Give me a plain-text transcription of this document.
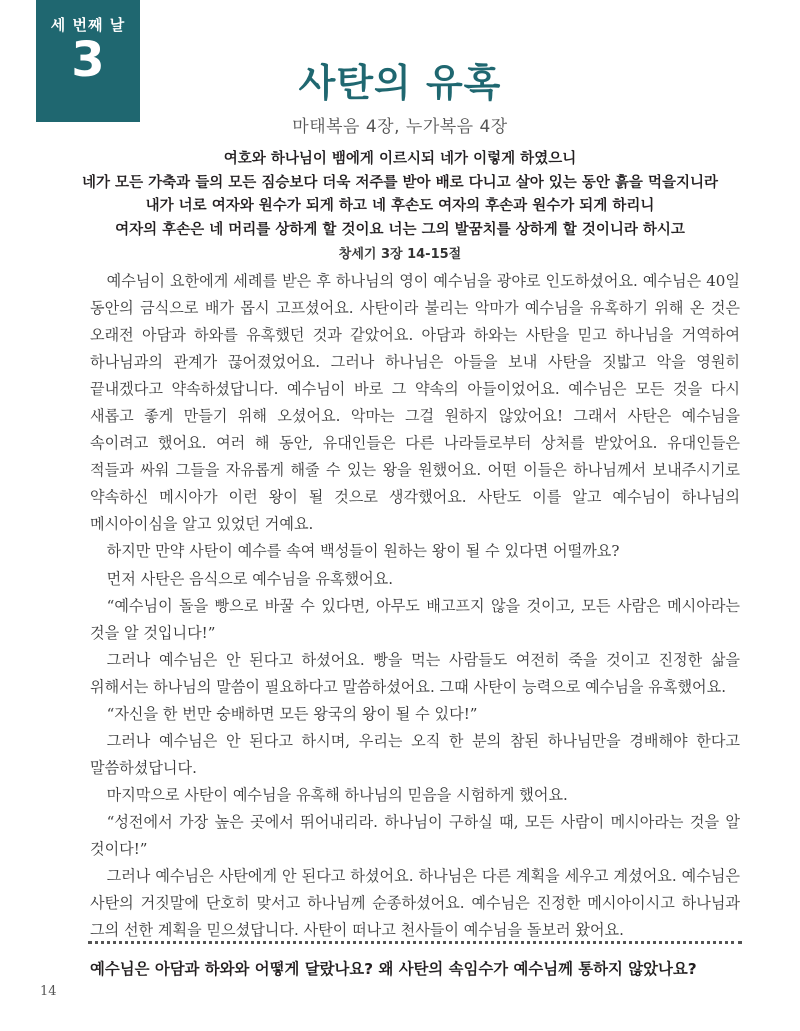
세 번째 날
3	사탄의 유혹
마태복음 4장, 누가복음 4장
여호와 하나님이 뱀에게 이르시되 네가 이렇게 하였으니
네가 모든 가축과 들의 모든 짐승보다 더욱 저주를 받아 배로 다니고 살아 있는 동안 흙을 먹을지니라
내가 너로 여자와 원수가 되게 하고 네 후손도 여자의 후손과 원수가 되게 하리니
여자의 후손은 네 머리를 상하게 할 것이요 너는 그의 발꿈치를 상하게 할 것이니라 하시고
창세기 3장 14-15절

예수님이 요한에게 세례를 받은 후 하나님의 영이 예수님을 광야로 인도하셨어요. 예수님은 40일 동안의 금식으로 배가 몹시 고프셨어요. 사탄이라 불리는 악마가 예수님을 유혹하기 위해 온 것은 오래전 아담과 하와를 유혹했던 것과 같았어요. 아담과 하와는 사탄을 믿고 하나님을 거역하여 하나님과의 관계가 끊어졌었어요. 그러나 하나님은 아들을 보내 사탄을 짓밟고 악을 영원히 끝내겠다고 약속하셨답니다. 예수님이 바로 그 약속의 아들이었어요. 예수님은 모든 것을 다시 새롭고 좋게 만들기 위해 오셨어요. 악마는 그걸 원하지 않았어요! 그래서 사탄은 예수님을 속이려고 했어요. 여러 해 동안, 유대인들은 다른 나라들로부터 상처를 받았어요. 유대인들은 적들과 싸워 그들을 자유롭게 해줄 수 있는 왕을 원했어요. 어떤 이들은 하나님께서 보내주시기로 약속하신 메시아가 이런 왕이 될 것으로 생각했어요. 사탄도 이를 알고 예수님이 하나님의 메시아이심을 알고 있었던 거예요.

하지만 만약 사탄이 예수를 속여 백성들이 원하는 왕이 될 수 있다면 어떨까요?

먼저 사탄은 음식으로 예수님을 유혹했어요.

“예수님이 돌을 빵으로 바꿀 수 있다면, 아무도 배고프지 않을 것이고, 모든 사람은 메시아라는 것을 알 것입니다!”

그러나 예수님은 안 된다고 하셨어요. 빵을 먹는 사람들도 여전히 죽을 것이고 진정한 삶을 위해서는 하나님의 말씀이 필요하다고 말씀하셨어요. 그때 사탄이 능력으로 예수님을 유혹했어요.

“자신을 한 번만 숭배하면 모든 왕국의 왕이 될 수 있다!”

그러나 예수님은 안 된다고 하시며, 우리는 오직 한 분의 참된 하나님만을 경배해야 한다고 말씀하셨답니다.

마지막으로 사탄이 예수님을 유혹해 하나님의 믿음을 시험하게 했어요.

“성전에서 가장 높은 곳에서 뛰어내리라. 하나님이 구하실 때, 모든 사람이 메시아라는 것을 알 것이다!”

그러나 예수님은 사탄에게 안 된다고 하셨어요. 하나님은 다른 계획을 세우고 계셨어요. 예수님은 사탄의 거짓말에 단호히 맞서고 하나님께 순종하셨어요. 예수님은 진정한 메시아이시고 하나님과 그의 선한 계획을 믿으셨답니다. 사탄이 떠나고 천사들이 예수님을 돌보러 왔어요.

예수님은 아담과 하와와 어떻게 달랐나요? 왜 사탄의 속임수가 예수님께 통하지 않았나요?
14
